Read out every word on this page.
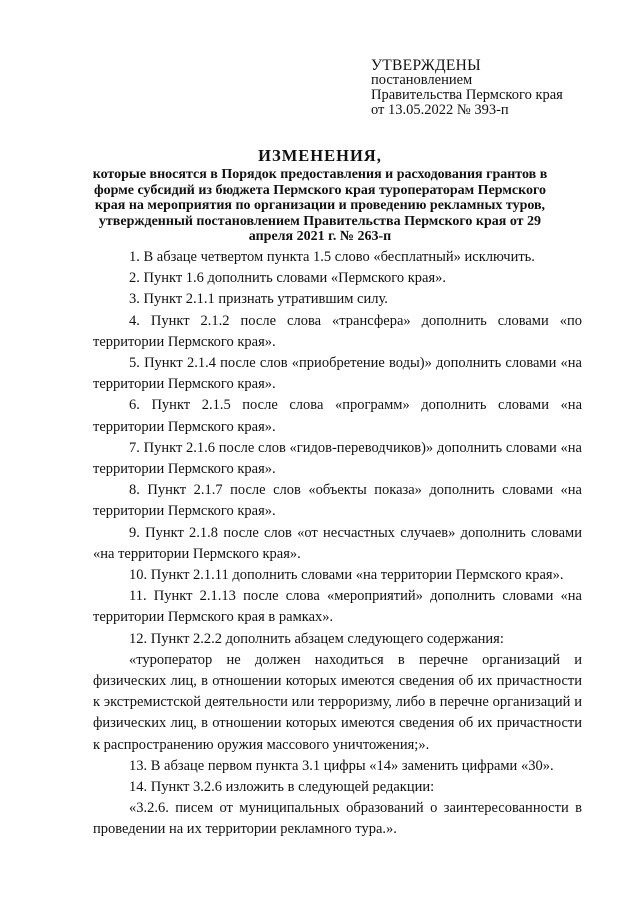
УТВЕРЖДЕНЫ
постановлением
Правительства Пермского края
от 13.05.2022 № 393-п
ИЗМЕНЕНИЯ,
которые вносятся в Порядок предоставления и расходования грантов в форме субсидий из бюджета Пермского края туроператорам Пермского края на мероприятия по организации и проведению рекламных туров, утвержденный постановлением Правительства Пермского края от 29 апреля 2021 г. № 263-п
1. В абзаце четвертом пункта 1.5 слово «бесплатный» исключить.
2. Пункт 1.6 дополнить словами «Пермского края».
3. Пункт 2.1.1 признать утратившим силу.
4. Пункт 2.1.2 после слова «трансфера» дополнить словами «по территории Пермского края».
5. Пункт 2.1.4 после слов «приобретение воды)» дополнить словами «на территории Пермского края».
6. Пункт 2.1.5 после слова «программ» дополнить словами «на территории Пермского края».
7. Пункт 2.1.6 после слов «гидов-переводчиков)» дополнить словами «на территории Пермского края».
8. Пункт 2.1.7 после слов «объекты показа» дополнить словами «на территории Пермского края».
9. Пункт 2.1.8 после слов «от несчастных случаев» дополнить словами «на территории Пермского края».
10. Пункт 2.1.11 дополнить словами «на территории Пермского края».
11. Пункт 2.1.13 после слова «мероприятий» дополнить словами «на территории Пермского края в рамках».
12. Пункт 2.2.2 дополнить абзацем следующего содержания:
«туроператор не должен находиться в перечне организаций и физических лиц, в отношении которых имеются сведения об их причастности к экстремистской деятельности или терроризму, либо в перечне организаций и физических лиц, в отношении которых имеются сведения об их причастности к распространению оружия массового уничтожения;».
13. В абзаце первом пункта 3.1 цифры «14» заменить цифрами «30».
14. Пункт 3.2.6 изложить в следующей редакции:
«3.2.6. писем от муниципальных образований о заинтересованности в проведении на их территории рекламного тура.».
